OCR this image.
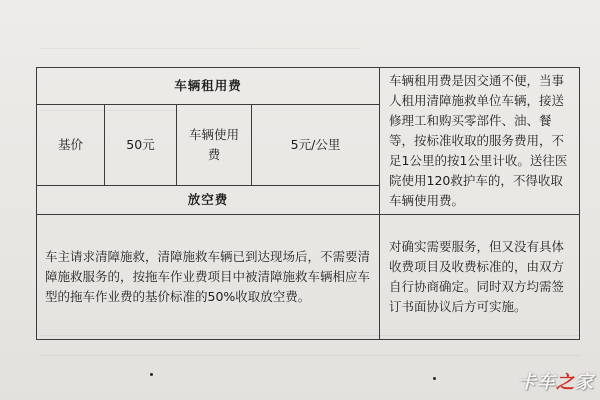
车辆租用费				车辆租用费是因交通不便，当事人租用清障施救单位车辆，接送修理工和购买零部件、油、餐等，按标准收取的服务费用，不足1公里的按1公里计收。送往医院使用120救护车的，不得收取车辆使用费。
基价	50元	车辆使用费	5元/公里	
放空费				
车主请求清障施救，清障施救车辆已到达现场后，不需要清障施救服务的，按拖车作业费项目中被清障施救车辆相应车型的拖车作业费的基价标准的50%收取放空费。				对确实需要服务，但又没有具体收费项目及收费标准的，由双方自行协商确定。同时双方均需签订书面协议后方可实施。
卡车之家
